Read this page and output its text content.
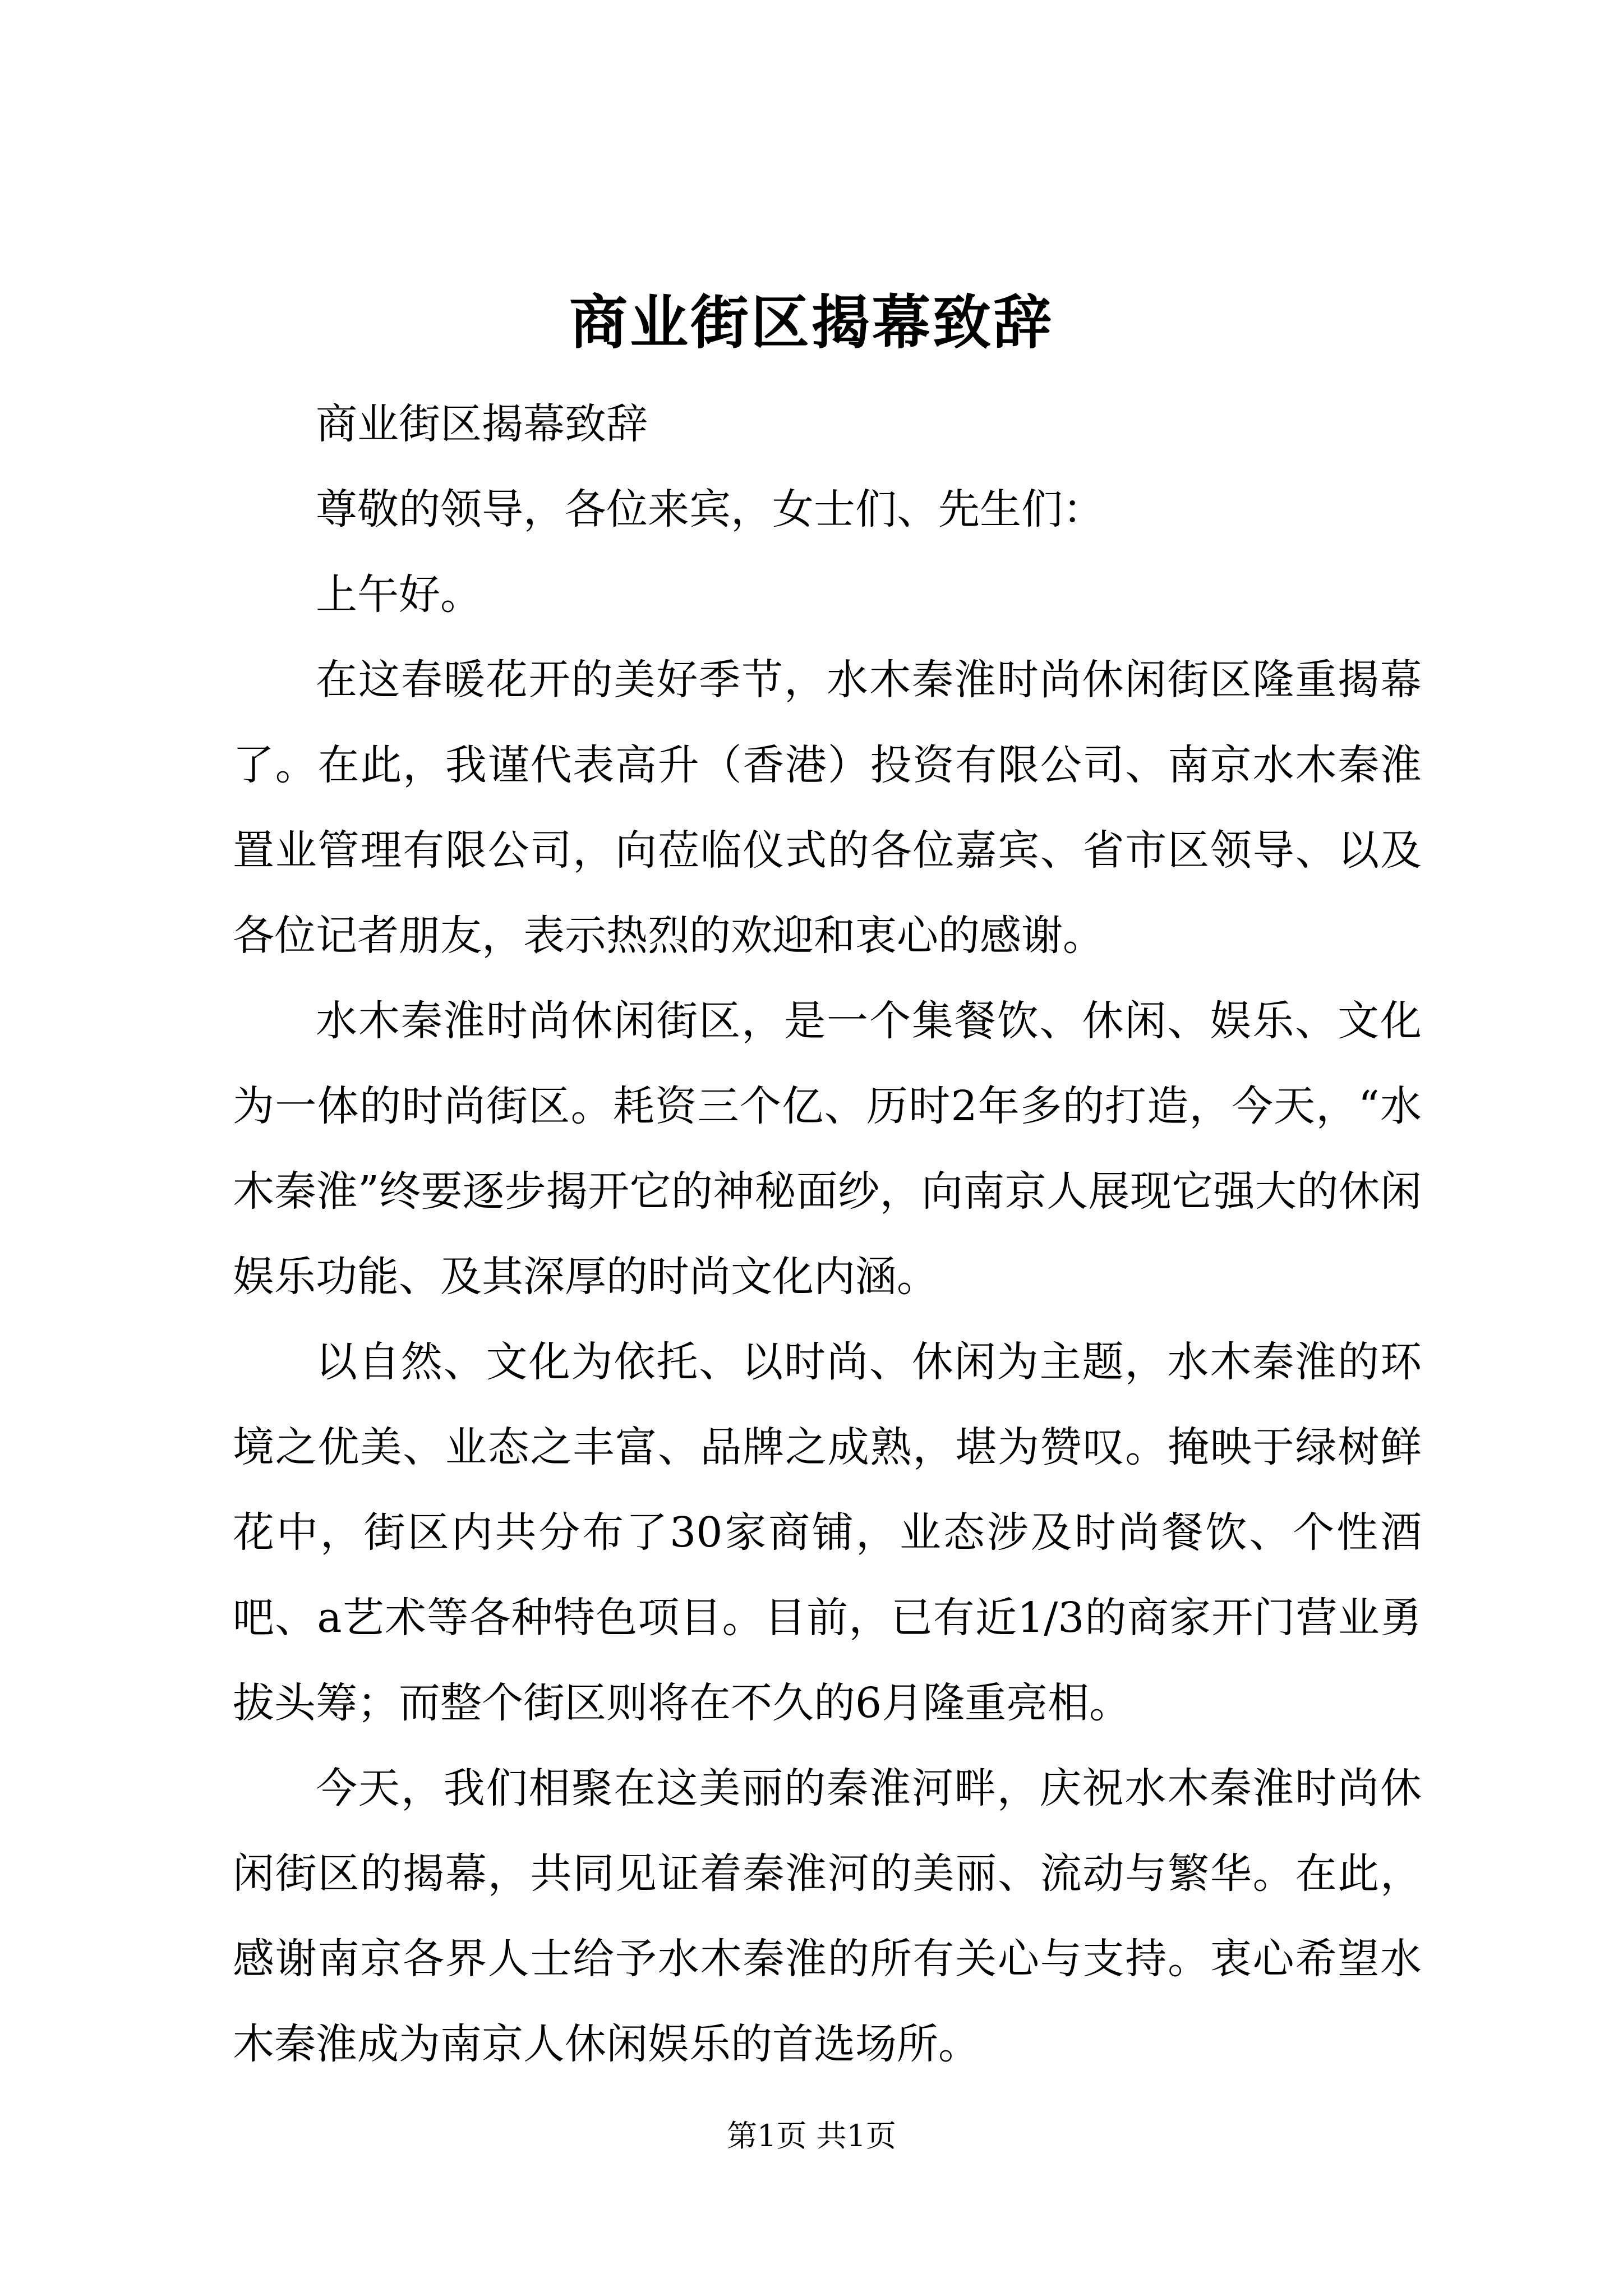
商业街区揭幕致辞

商业街区揭幕致辞

尊敬的领导，各位来宾，女士们、先生们：

上午好。

在这春暖花开的美好季节，水木秦淮时尚休闲街区隆重揭幕了。在此，我谨代表高升（香港）投资有限公司、南京水木秦淮置业管理有限公司，向莅临仪式的各位嘉宾、省市区领导、以及各位记者朋友，表示热烈的欢迎和衷心的感谢。

水木秦淮时尚休闲街区，是一个集餐饮、休闲、娱乐、文化为一体的时尚街区。耗资三个亿、历时2年多的打造，今天，“水木秦淮”终要逐步揭开它的神秘面纱，向南京人展现它强大的休闲娱乐功能、及其深厚的时尚文化内涵。

以自然、文化为依托、以时尚、休闲为主题，水木秦淮的环境之优美、业态之丰富、品牌之成熟，堪为赞叹。掩映于绿树鲜花中，街区内共分布了30家商铺，业态涉及时尚餐饮、个性酒吧、a艺术等各种特色项目。目前，已有近1/3的商家开门营业勇拔头筹；而整个街区则将在不久的6月隆重亮相。

今天，我们相聚在这美丽的秦淮河畔，庆祝水木秦淮时尚休闲街区的揭幕，共同见证着秦淮河的美丽、流动与繁华。在此，感谢南京各界人士给予水木秦淮的所有关心与支持。衷心希望水木秦淮成为南京人休闲娱乐的首选场所。

第1页 共1页
